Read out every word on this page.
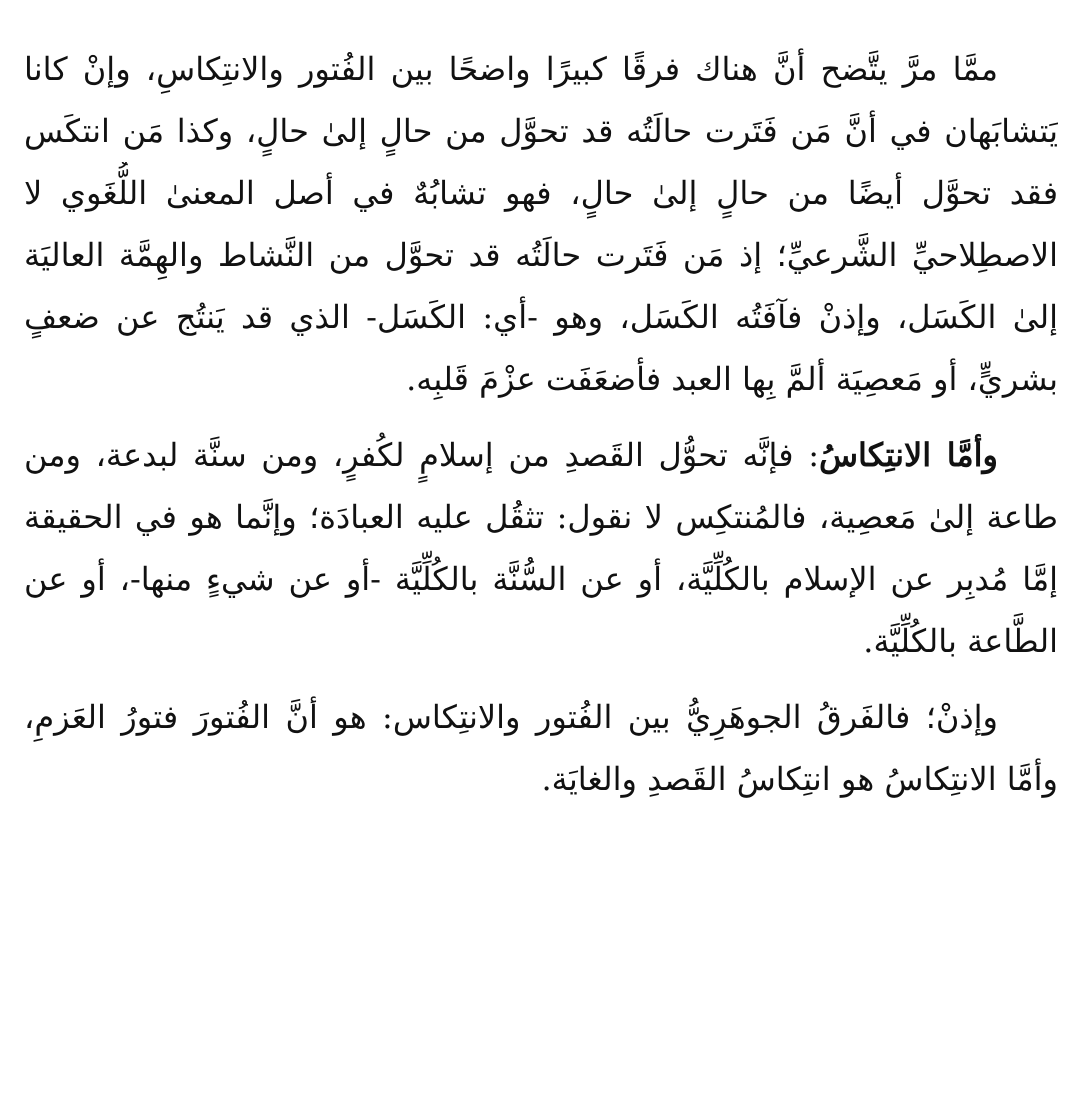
ممَّا مرَّ يتَّضح أنَّ هناك فرقًا كبيرًا واضحًا بين الفُتور والانتِكاسِ، وإنْ كانا
يَتشابَهان في أنَّ مَن فَتَرت حالَتُه قد تحوَّل من حالٍ إلىٰ حالٍ، وكذا مَن انتكَس
فقد تحوَّل أيضًا من حالٍ إلىٰ حالٍ، فهو تشابُهٌ في أصل المعنىٰ اللُّغَوي لا
الاصطِلاحيِّ الشَّرعيِّ؛ إذ مَن فَتَرت حالَتُه قد تحوَّل من النَّشاط والهِمَّة العاليَة
إلىٰ الكَسَل، وإذنْ فآفَتُه الكَسَل، وهو -أي: الكَسَل- الذي قد يَنتُج عن ضعفٍ
بشريٍّ، أو مَعصِيَة ألمَّ بِها العبد فأضعَفَت عزْمَ قَلبِه.
وأمَّا الانتِكاسُ: فإنَّه تحوُّل القَصدِ من إسلامٍ لكُفرٍ، ومن سنَّة لبدعة، ومن
طاعة إلىٰ مَعصِية، فالمُنتكِس لا نقول: تثقُل عليه العبادَة؛ وإنَّما هو في الحقيقة
إمَّا مُدبِر عن الإسلام بالكُلِّيَّة، أو عن السُّنَّة بالكُلِّيَّة -أو عن شيءٍ منها-، أو عن
الطَّاعة بالكُلِّيَّة.
وإذنْ؛ فالفَرقُ الجوهَرِيُّ بين الفُتور والانتِكاس: هو أنَّ الفُتورَ فتورُ العَزمِ،
وأمَّا الانتِكاسُ هو انتِكاسُ القَصدِ والغايَة.
